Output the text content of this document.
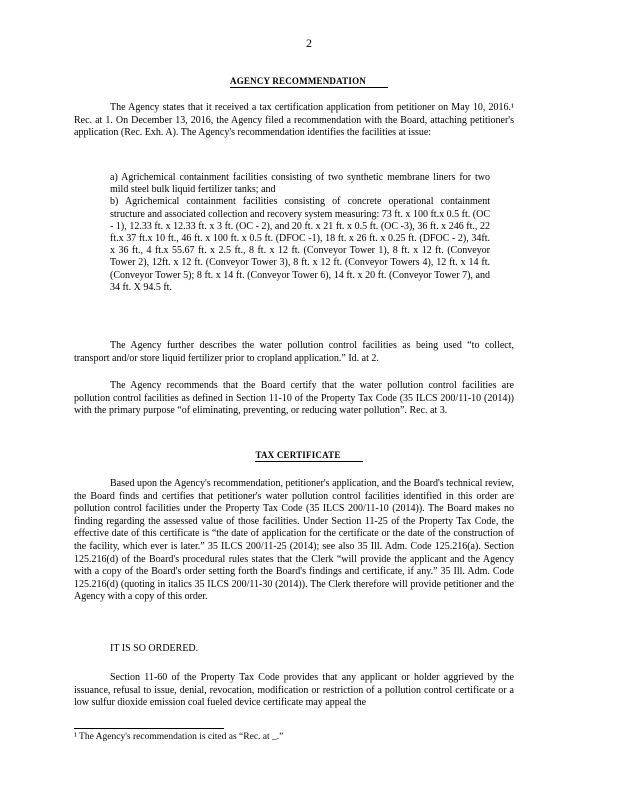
2
AGENCY RECOMMENDATION

The Agency states that it received a tax certification application from petitioner on May 10, 2016.¹ Rec. at 1. On December 13, 2016, the Agency filed a recommendation with the Board, attaching petitioner's application (Rec. Exh. A). The Agency's recommendation identifies the facilities at issue:

a) Agrichemical containment facilities consisting of two synthetic membrane liners for two mild steel bulk liquid fertilizer tanks; and

b) Agrichemical containment facilities consisting of concrete operational containment structure and associated collection and recovery system measuring: 73 ft. x 100 ft.x 0.5 ft. (OC - 1), 12.33 ft. x 12.33 ft. x 3 ft. (OC - 2), and 20 ft. x 21 ft. x 0.5 ft. (OC -3), 36 ft. x 246 ft., 22 ft.x 37 ft.x 10 ft., 46 ft. x 100 ft. x 0.5 ft. (DFOC -1), 18 ft. x 26 ft. x 0.25 ft. (DFOC - 2), 34ft. x 36 ft., 4 ft.x 55.67 ft. x 2.5 ft., 8 ft. x 12 ft. (Conveyor Tower 1), 8 ft. x 12 ft. (Conveyor Tower 2), 12ft. x 12 ft. (Conveyor Tower 3), 8 ft. x 12 ft. (Conveyor Towers 4), 12 ft. x 14 ft. (Conveyor Tower 5); 8 ft. x 14 ft. (Conveyor Tower 6), 14 ft. x 20 ft. (Conveyor Tower 7), and 34 ft. X 94.5 ft.

The Agency further describes the water pollution control facilities as being used “to collect, transport and/or store liquid fertilizer prior to cropland application.” Id. at 2.

The Agency recommends that the Board certify that the water pollution control facilities are pollution control facilities as defined in Section 11-10 of the Property Tax Code (35 ILCS 200/11-10 (2014)) with the primary purpose “of eliminating, preventing, or reducing water pollution”. Rec. at 3.

TAX CERTIFICATE

Based upon the Agency's recommendation, petitioner's application, and the Board's technical review, the Board finds and certifies that petitioner's water pollution control facilities identified in this order are pollution control facilities under the Property Tax Code (35 ILCS 200/11-10 (2014)). The Board makes no finding regarding the assessed value of those facilities. Under Section 11-25 of the Property Tax Code, the effective date of this certificate is “the date of application for the certificate or the date of the construction of the facility, which ever is later.” 35 ILCS 200/11-25 (2014); see also 35 Ill. Adm. Code 125.216(a). Section 125.216(d) of the Board's procedural rules states that the Clerk “will provide the applicant and the Agency with a copy of the Board's order setting forth the Board's findings and certificate, if any.” 35 Ill. Adm. Code 125.216(d) (quoting in italics 35 ILCS 200/11-30 (2014)). The Clerk therefore will provide petitioner and the Agency with a copy of this order.

IT IS SO ORDERED.

Section 11-60 of the Property Tax Code provides that any applicant or holder aggrieved by the issuance, refusal to issue, denial, revocation, modification or restriction of a pollution control certificate or a low sulfur dioxide emission coal fueled device certificate may appeal the

¹ The Agency's recommendation is cited as “Rec. at _.”
